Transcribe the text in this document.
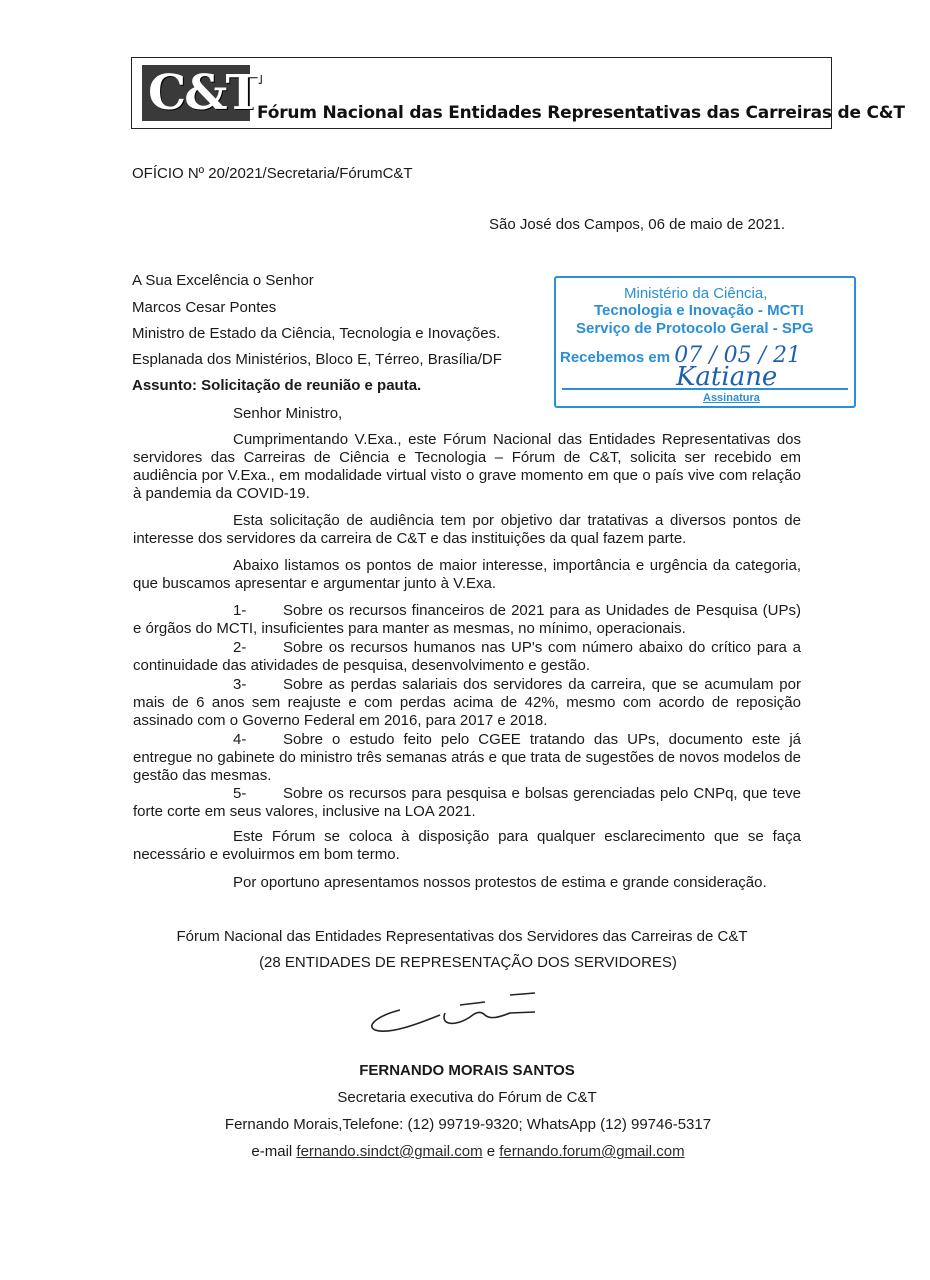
C&T
Fórum Nacional das Entidades Representativas das Carreiras de C&T
OFÍCIO Nº 20/2021/Secretaria/FórumC&T
São José dos Campos, 06 de maio de 2021.
A Sua Excelência o Senhor
Marcos Cesar Pontes
Ministro de Estado da Ciência, Tecnologia e Inovações.
Esplanada dos Ministérios, Bloco E, Térreo, Brasília/DF
Assunto: Solicitação de reunião e pauta.
Senhor Ministro,
Ministério da Ciência,
Tecnologia e Inovação - MCTI
Serviço de Protocolo Geral - SPG
Recebemos em 07 / 05 / 21
Katiane
Assinatura
Cumprimentando V.Exa., este Fórum Nacional das Entidades Representativas dos servidores das Carreiras de Ciência e Tecnologia – Fórum de C&T, solicita ser recebido em audiência por V.Exa., em modalidade virtual visto o grave momento em que o país vive com relação à pandemia da COVID-19.
Esta solicitação de audiência tem por objetivo dar tratativas a diversos pontos de interesse dos servidores da carreira de C&T e das instituições da qual fazem parte.
Abaixo listamos os pontos de maior interesse, importância e urgência da categoria, que buscamos apresentar e argumentar junto à V.Exa.
1- Sobre os recursos financeiros de 2021 para as Unidades de Pesquisa (UPs) e órgãos do MCTI, insuficientes para manter as mesmas, no mínimo, operacionais.
2- Sobre os recursos humanos nas UP's com número abaixo do crítico para a continuidade das atividades de pesquisa, desenvolvimento e gestão.
3- Sobre as perdas salariais dos servidores da carreira, que se acumulam por mais de 6 anos sem reajuste e com perdas acima de 42%, mesmo com acordo de reposição assinado com o Governo Federal em 2016, para 2017 e 2018.
4- Sobre o estudo feito pelo CGEE tratando das UPs, documento este já entregue no gabinete do ministro três semanas atrás e que trata de sugestões de novos modelos de gestão das mesmas.
5- Sobre os recursos para pesquisa e bolsas gerenciadas pelo CNPq, que teve forte corte em seus valores, inclusive na LOA 2021.
Este Fórum se coloca à disposição para qualquer esclarecimento que se faça necessário e evoluirmos em bom termo.
Por oportuno apresentamos nossos protestos de estima e grande consideração.
Fórum Nacional das Entidades Representativas dos Servidores das Carreiras de C&T
(28 ENTIDADES DE REPRESENTAÇÃO DOS SERVIDORES)
FERNANDO MORAIS SANTOS
Secretaria executiva do Fórum de C&T
Fernando Morais,Telefone: (12) 99719-9320; WhatsApp (12) 99746-5317
e-mail fernando.sindct@gmail.com e fernando.forum@gmail.com
